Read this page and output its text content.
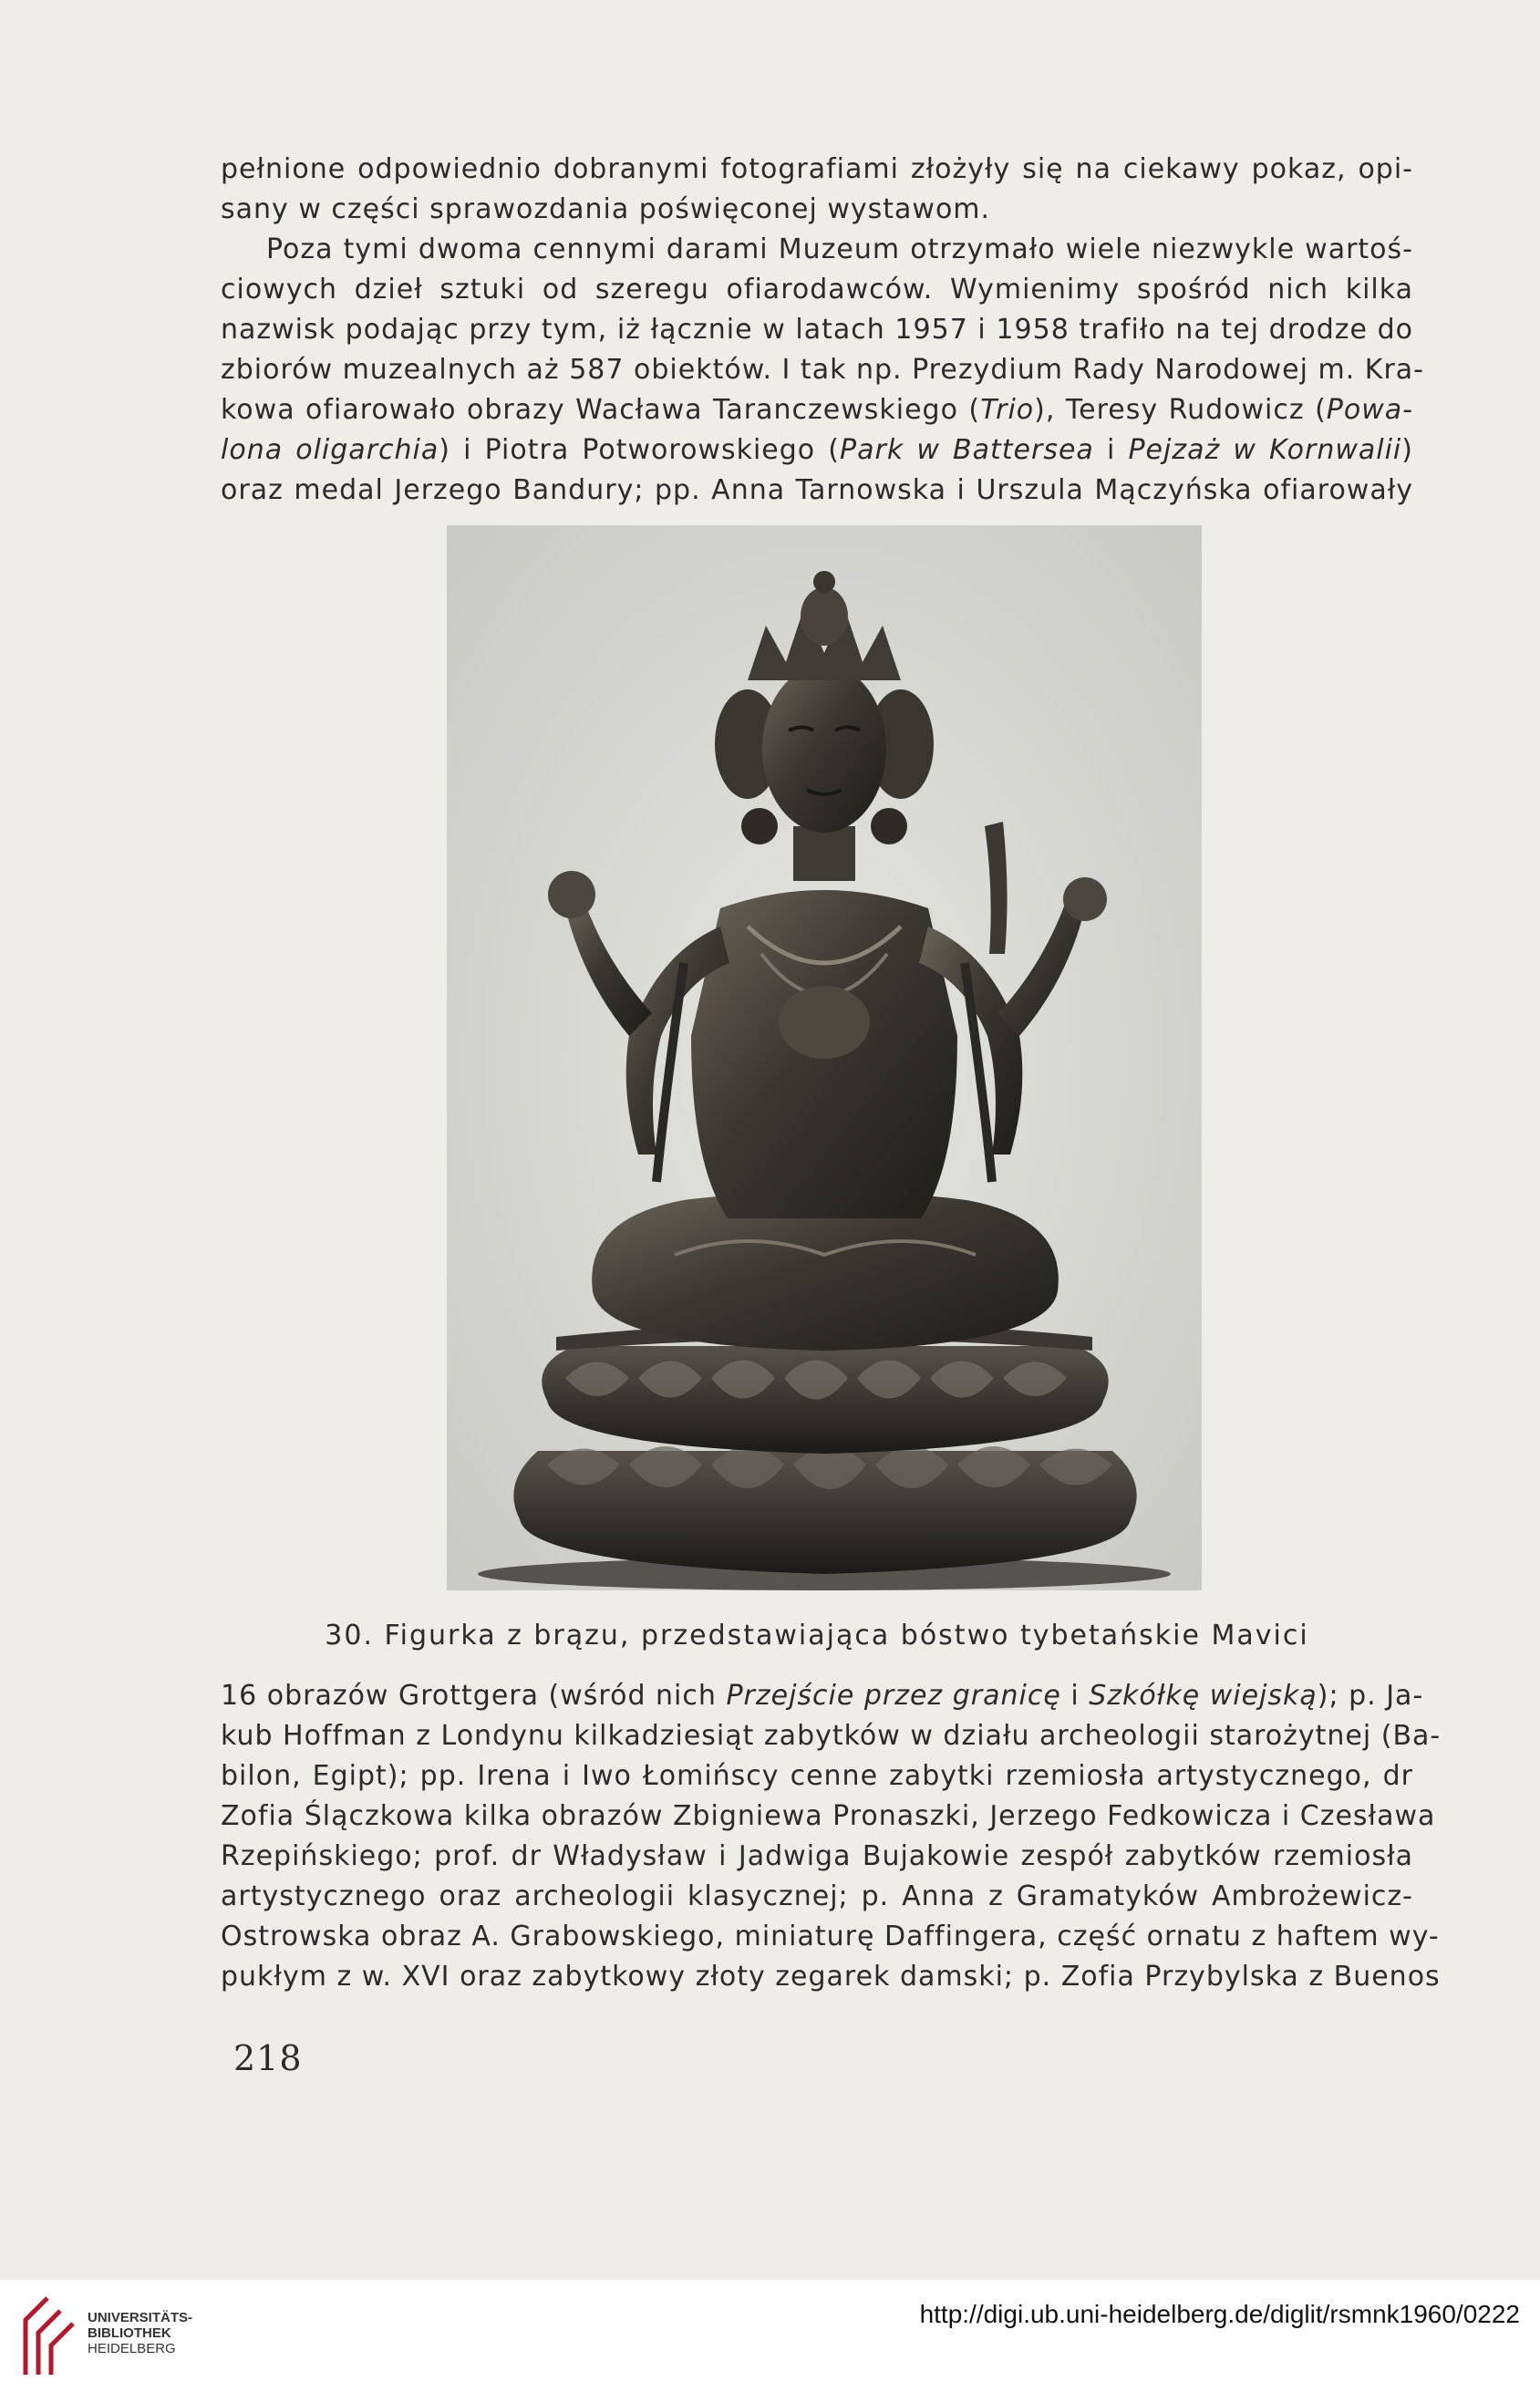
pełnione odpowiednio dobranymi fotografiami złożyły się na ciekawy pokaz, opi-
sany w części sprawozdania poświęconej wystawom.
Poza tymi dwoma cennymi darami Muzeum otrzymało wiele niezwykle wartoś-
ciowych dzieł sztuki od szeregu ofiarodawców. Wymienimy spośród nich kilka
nazwisk podając przy tym, iż łącznie w latach 1957 i 1958 trafiło na tej drodze do
zbiorów muzealnych aż 587 obiektów. I tak np. Prezydium Rady Narodowej m. Kra-
kowa ofiarowało obrazy Wacława Taranczewskiego (Trio), Teresy Rudowicz (Powa-
lona oligarchia) i Piotra Potworowskiego (Park w Battersea i Pejzaż w Kornwalii)
oraz medal Jerzego Bandury; pp. Anna Tarnowska i Urszula Mączyńska ofiarowały
30. Figurka z brązu, przedstawiająca bóstwo tybetańskie Mavici
16 obrazów Grottgera (wśród nich Przejście przez granicę i Szkółkę wiejską); p. Ja-
kub Hoffman z Londynu kilkadziesiąt zabytków w działu archeologii starożytnej (Ba-
bilon, Egipt); pp. Irena i Iwo Łomińscy cenne zabytki rzemiosła artystycznego, dr
Zofia Ślączkowa kilka obrazów Zbigniewa Pronaszki, Jerzego Fedkowicza i Czesława
Rzepińskiego; prof. dr Władysław i Jadwiga Bujakowie zespół zabytków rzemiosła
artystycznego oraz archeologii klasycznej; p. Anna z Gramatyków Ambrożewicz-
Ostrowska obraz A. Grabowskiego, miniaturę Daffingera, część ornatu z haftem wy-
pukłym z w. XVI oraz zabytkowy złoty zegarek damski; p. Zofia Przybylska z Buenos
218
UNIVERSITÄTS-
BIBLIOTHEK
HEIDELBERG
http://digi.ub.uni-heidelberg.de/diglit/rsmnk1960/0222
